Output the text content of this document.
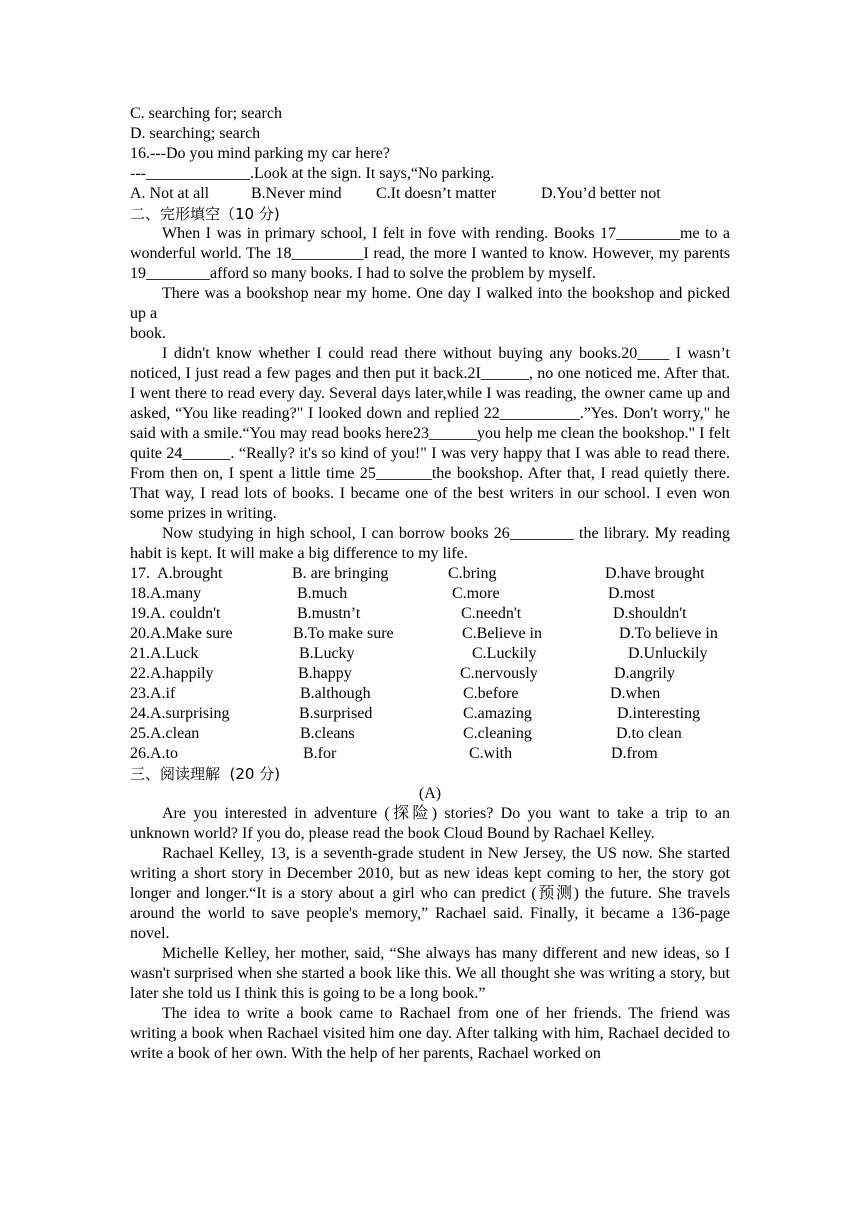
C. searching for; search
D. searching; search
16.---Do you mind parking my car here?
---_____________.Look at the sign. It says,“No parking.
A. Not at all	B.Never mind C.It doesn’t matter	D.You’d better not
二、完形填空（10 分)

When I was in primary school, I felt in fove with rending. Books 17________me to a wonderful world. The 18_________I read, the more I wanted to know. However, my parents 19________afford so many books. I had to solve the problem by myself.

There was a bookshop near my home. One day I walked into the bookshop and picked up a

book.

I didn't know whether I could read there without buying any books.20____ I wasn’t noticed, I just read a few pages and then put it back.2I______, no one noticed me. After that. I went there to read every day. Several days later,while I was reading, the owner came up and asked, “You like reading?" I looked down and replied 22__________.”Yes. Don't worry," he said with a smile.“You may read books here23______you help me clean the bookshop." I felt quite 24______. “Really? it's so kind of you!" I was very happy that I was able to read there. From then on, I spent a little time 25_______the bookshop. After that, I read quietly there. That way, I read lots of books. I became one of the best writers in our school. I even won some prizes in writing.

Now studying in high school, I can borrow books 26________ the library. My reading habit is kept. It will make a big difference to my life.

17.  A.brought	B. are bringing	C.bring	D.have brought
18.A.many	B.much	C.more	D.most
19.A. couldn't	B.mustn’t	C.needn't	D.shouldn't
20.A.Make sure	B.To make sure	C.Believe in	D.To believe in
21.A.Luck	B.Lucky	C.Luckily	D.Unluckily
22.A.happily	B.happy	C.nervously	D.angrily
23.A.if	B.although	C.before	D.when
24.A.surprising	B.surprised	C.amazing	D.interesting
25.A.clean	B.cleans	C.cleaning	D.to clean
26.A.to	B.for	C.with	D.from
三、阅读理解  (20 分)
(A)

Are you interested in adventure (探险) stories? Do you want to take a trip to an unknown world? If you do, please read the book Cloud Bound by Rachael Kelley.

Rachael Kelley, 13, is a seventh-grade student in New Jersey, the US now. She started writing a short story in December 2010, but as new ideas kept coming to her, the story got longer and longer.“It is a story about a girl who can predict (预测) the future. She travels around the world to save people's memory,” Rachael said. Finally, it became a 136-page novel.

Michelle Kelley, her mother, said, “She always has many different and new ideas, so I wasn't surprised when she started a book like this. We all thought she was writing a story, but later she told us I think this is going to be a long book.”

The idea to write a book came to Rachael from one of her friends. The friend was writing a book when Rachael visited him one day. After talking with him, Rachael decided to write a book of her own. With the help of her parents, Rachael worked on
